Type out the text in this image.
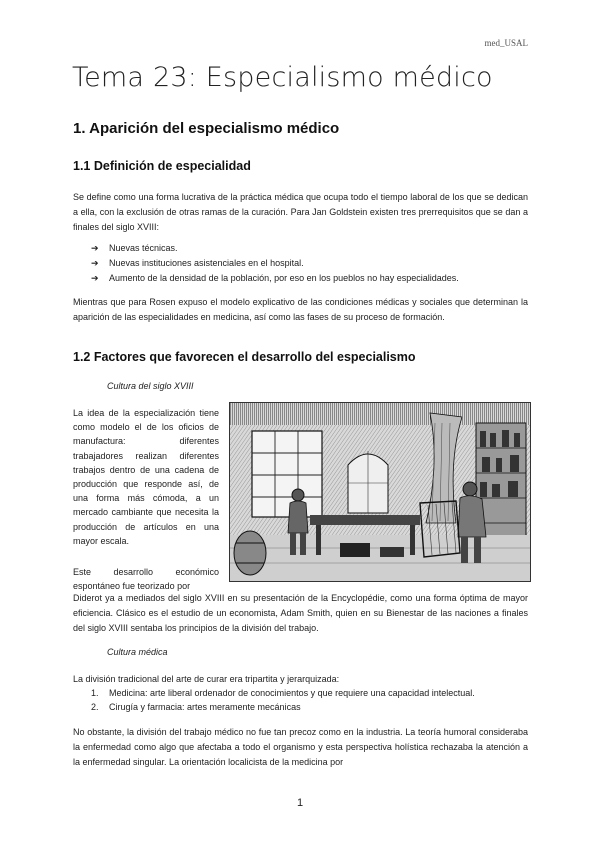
med_USAL
Tema 23: Especialismo médico
1. Aparición del especialismo médico
1.1 Definición de especialidad

Se define como una forma lucrativa de la práctica médica que ocupa todo el tiempo laboral de los que se dedican a ella, con la exclusión de otras ramas de la curación. Para Jan Goldstein existen tres prerrequisitos que se dan a finales del siglo XVIII:

➔ Nuevas técnicas.
➔ Nuevas instituciones asistenciales en el hospital.
➔ Aumento de la densidad de la población, por eso en los pueblos no hay especialidades.

Mientras que para Rosen expuso el modelo explicativo de las condiciones médicas y sociales que determinan la aparición de las especialidades en medicina, así como las fases de su proceso de formación.

1.2 Factores que favorecen el desarrollo del especialismo

Cultura del siglo XVIII

La idea de la especialización tiene como modelo el de los oficios de manufactura: diferentes trabajadores realizan diferentes trabajos dentro de una cadena de producción que responde así, de una forma más cómoda, a un mercado cambiante que necesita la producción de artículos en una mayor escala.

Este desarrollo económico espontáneo fue teorizado por

Diderot ya a mediados del siglo XVIII en su presentación de la Encyclopédie, como una forma óptima de mayor eficiencia. Clásico es el estudio de un economista, Adam Smith, quien en su Bienestar de las naciones a finales del siglo XVIII sentaba los principios de la división del trabajo.

Cultura médica

La división tradicional del arte de curar era tripartita y jerarquizada:

1. Medicina: arte liberal ordenador de conocimientos y que requiere una capacidad intelectual.
2. Cirugía y farmacia: artes meramente mecánicas

No obstante, la división del trabajo médico no fue tan precoz como en la industria. La teoría humoral consideraba la enfermedad como algo que afectaba a todo el organismo y esta perspectiva holística rechazaba la atención a la enfermedad singular. La orientación localicista de la medicina por

1
